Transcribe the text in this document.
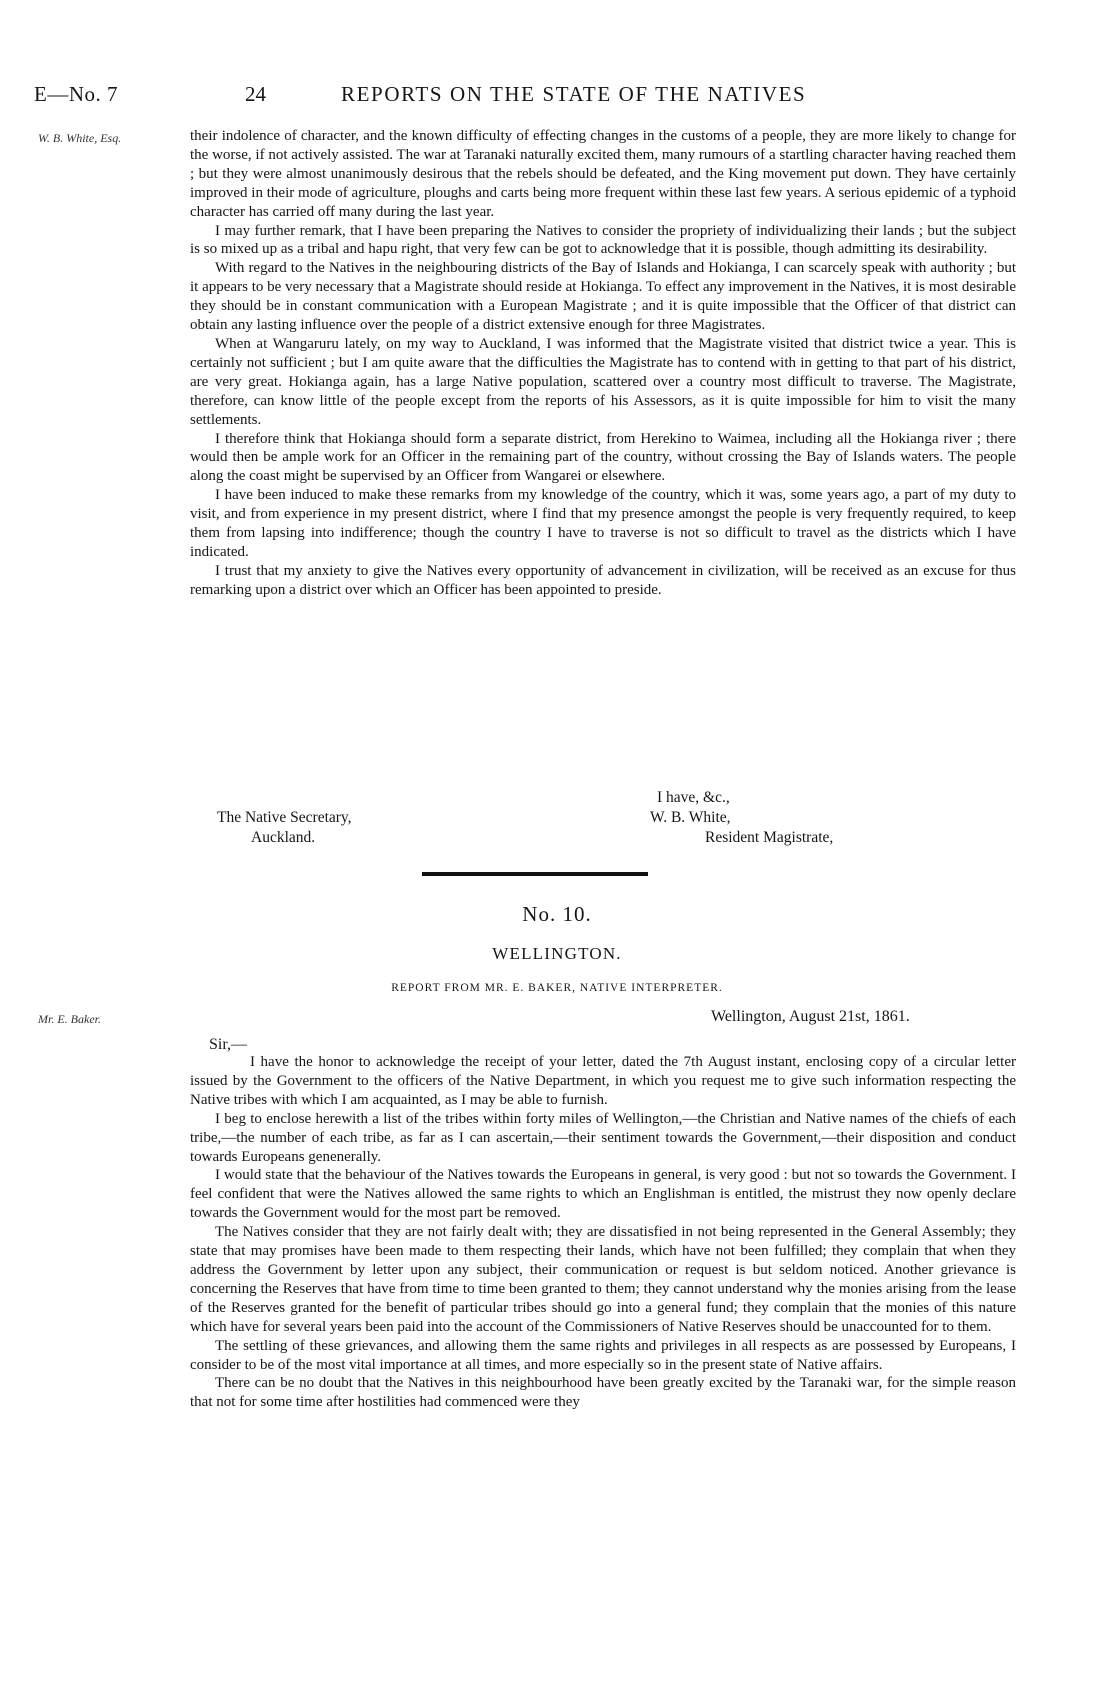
E—No. 7	24	REPORTS ON THE STATE OF THE NATIVES
W. B. White, Esq.	their indolence of character, and the known difficulty of effecting changes in the customs of a people, they are more likely to change for the worse, if not actively assisted. The war at Taranaki naturally excited them, many rumours of a startling character having reached them ; but they were almost unanimously desirous that the rebels should be defeated, and the King movement put down. They have certainly improved in their mode of agriculture, ploughs and carts being more frequent within these last few years. A serious epidemic of a typhoid character has carried off many during the last year.

I may further remark, that I have been preparing the Natives to consider the propriety of individualizing their lands ; but the subject is so mixed up as a tribal and hapu right, that very few can be got to acknowledge that it is possible, though admitting its desirability.

With regard to the Natives in the neighbouring districts of the Bay of Islands and Hokianga, I can scarcely speak with authority ; but it appears to be very necessary that a Magistrate should reside at Hokianga. To effect any improvement in the Natives, it is most desirable they should be in constant communication with a European Magistrate ; and it is quite impossible that the Officer of that district can obtain any lasting influence over the people of a district extensive enough for three Magistrates.

When at Wangaruru lately, on my way to Auckland, I was informed that the Magistrate visited that district twice a year. This is certainly not sufficient ; but I am quite aware that the difficulties the Magistrate has to contend with in getting to that part of his district, are very great. Hokianga again, has a large Native population, scattered over a country most difficult to traverse. The Magistrate, therefore, can know little of the people except from the reports of his Assessors, as it is quite impossible for him to visit the many settlements.

I therefore think that Hokianga should form a separate district, from Herekino to Waimea, including all the Hokianga river ; there would then be ample work for an Officer in the remaining part of the country, without crossing the Bay of Islands waters. The people along the coast might be supervised by an Officer from Wangarei or elsewhere.

I have been induced to make these remarks from my knowledge of the country, which it was, some years ago, a part of my duty to visit, and from experience in my present district, where I find that my presence amongst the people is very frequently required, to keep them from lapsing into indifference; though the country I have to traverse is not so difficult to travel as the districts which I have indicated.

I trust that my anxiety to give the Natives every opportunity of advancement in civilization, will be received as an excuse for thus remarking upon a district over which an Officer has been appointed to preside.

I have, &c.,
The Native Secretary,	W. B. White,
Auckland.	Resident Magistrate,
No. 10.
WELLINGTON.
REPORT FROM MR. E. BAKER, NATIVE INTERPRETER.
Mr. E. Baker.	Wellington, August 21st, 1861.
Sir,—

I have the honor to acknowledge the receipt of your letter, dated the 7th August instant, enclosing copy of a circular letter issued by the Government to the officers of the Native Department, in which you request me to give such information respecting the Native tribes with which I am acquainted, as I may be able to furnish.

I beg to enclose herewith a list of the tribes within forty miles of Wellington,—the Christian and Native names of the chiefs of each tribe,—the number of each tribe, as far as I can ascertain,—their sentiment towards the Government,—their disposition and conduct towards Europeans genenerally.

I would state that the behaviour of the Natives towards the Europeans in general, is very good : but not so towards the Government. I feel confident that were the Natives allowed the same rights to which an Englishman is entitled, the mistrust they now openly declare towards the Government would for the most part be removed.

The Natives consider that they are not fairly dealt with; they are dissatisfied in not being represented in the General Assembly; they state that may promises have been made to them respecting their lands, which have not been fulfilled; they complain that when they address the Government by letter upon any subject, their communication or request is but seldom noticed. Another grievance is concerning the Reserves that have from time to time been granted to them; they cannot understand why the monies arising from the lease of the Reserves granted for the benefit of particular tribes should go into a general fund; they complain that the monies of this nature which have for several years been paid into the account of the Commissioners of Native Reserves should be unaccounted for to them.

The settling of these grievances, and allowing them the same rights and privileges in all respects as are possessed by Europeans, I consider to be of the most vital importance at all times, and more especially so in the present state of Native affairs.

There can be no doubt that the Natives in this neighbourhood have been greatly excited by the Taranaki war, for the simple reason that not for some time after hostilities had commenced were they
